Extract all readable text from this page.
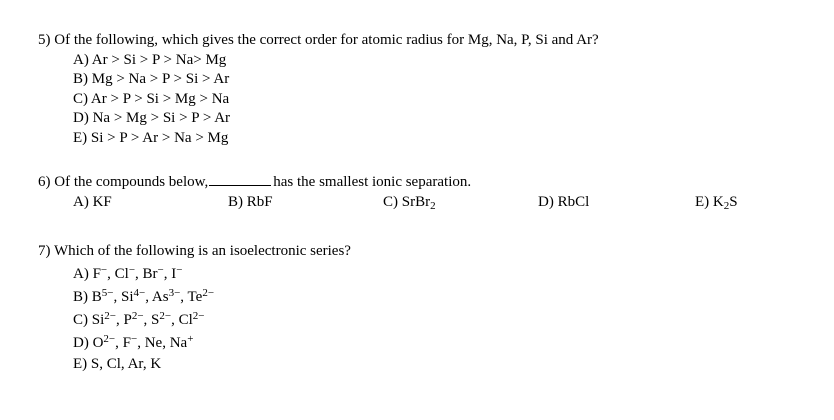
5) Of the following, which gives the correct order for atomic radius for Mg, Na, P, Si and Ar?
A) Ar > Si > P > Na> Mg
B) Mg > Na > P > Si > Ar
C) Ar > P > Si > Mg > Na
D) Na > Mg > Si > P > Ar
E) Si > P > Ar > Na > Mg
6) Of the compounds below,	has the smallest ionic separation.
A) KF	B) RbF	C) SrBr$_2$	D) RbCl	E) $K_2S$
7) Which of the following is an isoelectronic series?
A) F−, Cl−, Br−, I−
B) $B^{5-}$, $Si^{4-}$, $As^{3-}$, $Te^{2-}$
C) $Si^{2-}$, $P^{2-}$, $S^{2-}$, $Cl^{2-}$
D) $O^{2-}$, F−, Ne, Na+
E) S, Cl, Ar, K
